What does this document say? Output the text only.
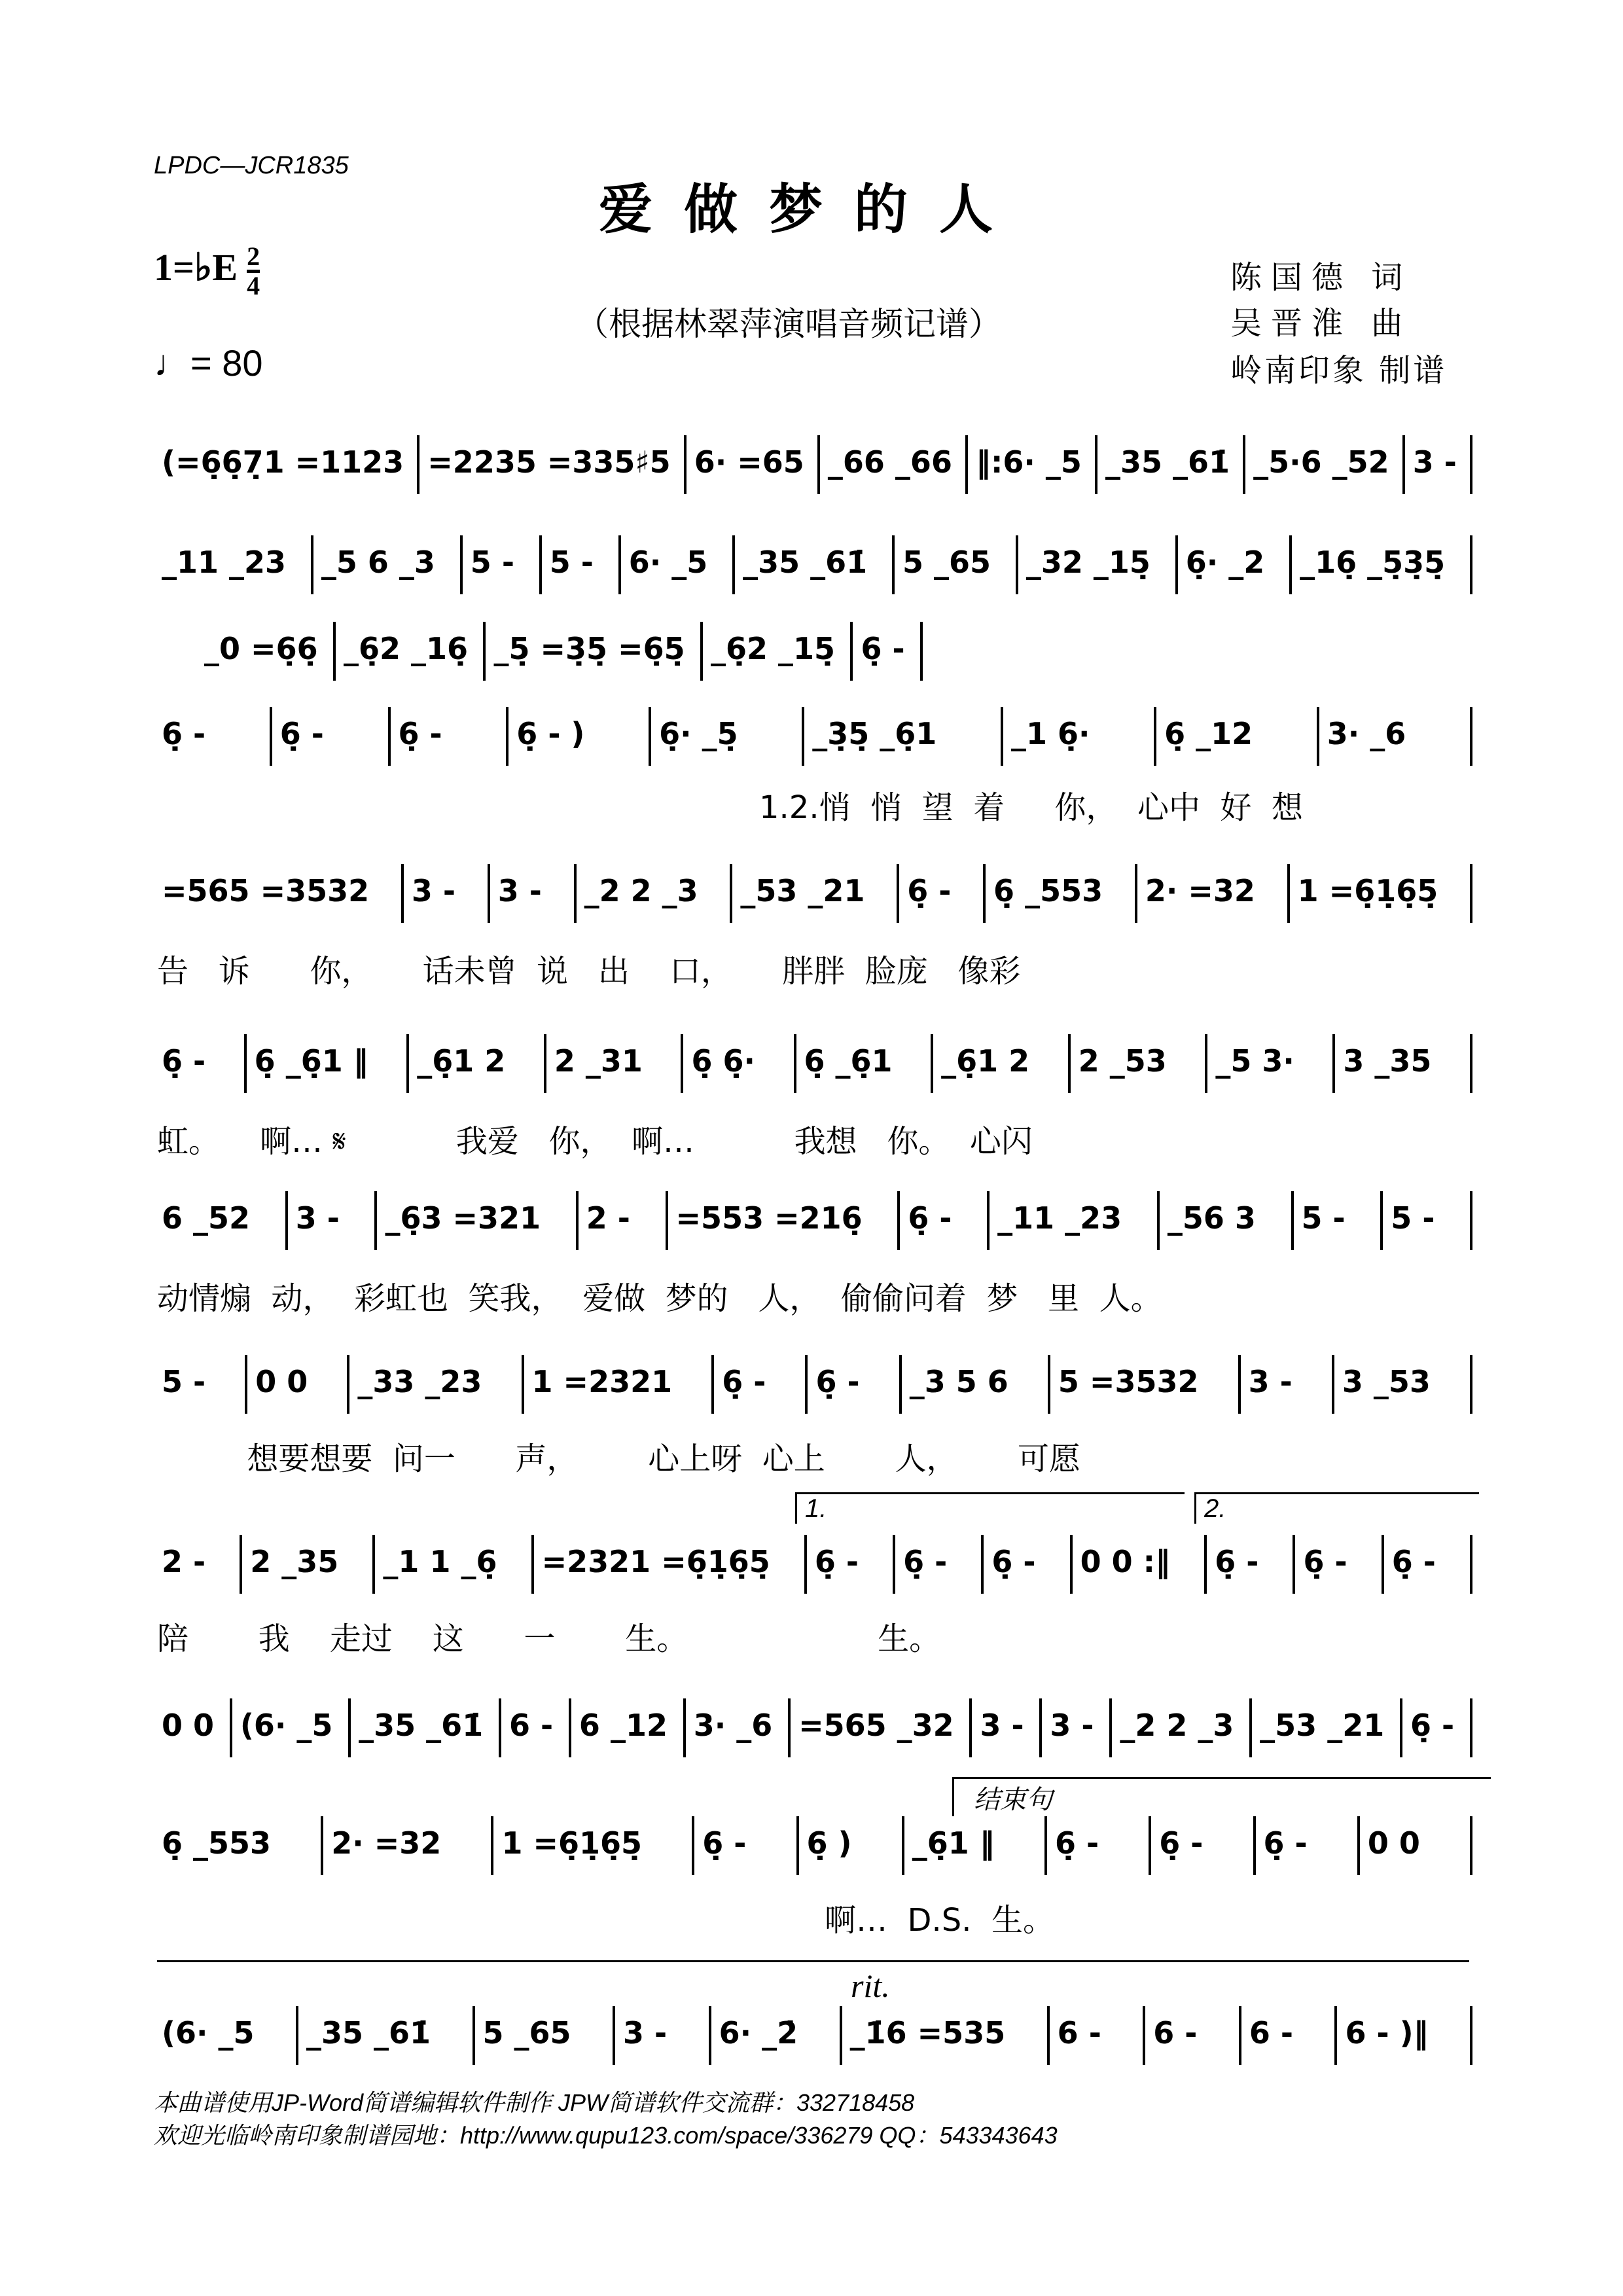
LPDC—JCR1835
爱做梦的人
1=♭E $\frac{2}{4}$
♩= 80
（根据林翠萍演唱音频记谱）
陈国德 词
吴晋淮 曲
岭南印象 制谱
(=6̣6̣7̣1 =1123 =2235 =335♯5 6· =65 _66 _66 ‖:6· _5 _35 _61̇ _5·6 _52 3 -
_11 _23	_5 6 _3	5 -	5 -	6· _5	_35 _61̇	5 _65	_32 _15̣	6̣· _2	_16̣ _5̣3̣5̣
_0 =6̣6̣ _6̣2 _16̣ _5̣ =3̣5̣ =6̣5̣ _6̣2 _15̣ 6̣ -
6̣ -	6̣ -	6̣ -	6̣ - )	6̣· _5̣	_3̣5̣ _6̣1	_1 6̣·	6̣ _12	3· _6
1.2.悄  悄  望  着     你，  心中  好  想
=565 =3532	3 -	3 -	_2 2 _3	_53 _21	6̣ -	6̣ _553	2· =32	1 =6̣1̣6̣5̣
告   诉      你，     话未曾  说   出    口，     胖胖  脸庞   像彩
6̣ -	6̣ _6̣1 ‖	_6̣1 2	2 _31	6̣ 6̣·	6̣ _6̣1	_6̣1 2	2 _53	_5 3·	3 _35
虹。    啊… 𝄋           我爱   你，  啊…          我想   你。  心闪
6 _52	3 -	_6̣3 =321	2 -	=553 =216̣	6̣ -	_11 _23	_56 3	5 -	5 -
动情煽  动，  彩虹也  笑我，  爱做  梦的   人，  偷偷问着  梦   里  人。
5 -	0 0	_33 _23	1 =2321	6̣ -	6̣ -	_3 5 6	5 =3532	3 -	3 _53
想要想要  问一      声，       心上呀  心上       人，      可愿
2 -	2 _35	_1 1 _6̣	=2321 =6̣1̣6̣5̣	6̣ -	6̣ -	6̣ -	0 0 :‖	6̣ -	6̣ -	6̣ -
陪       我    走过    这      一       生。                   生。
0 0 (6· _5 _35 _61̇ 6 - 6 _12 3· _6 =565 _32 3 - 3 - _2 2 _3 _53 _21 6̣ -
6̣ _553	2· =32	1 =6̣1̣6̣5̣	6̣ -	6̣ )	_6̣1 ‖	6̣ -	6̣ -	6̣ -	0 0
啊…  D.S.  生。
(6· _5	_35 _61̇	5 _65	3 -	6· _2̇	_1̇6 =535	6 -	6 -	6 -	6 - )‖
1.	2.
结束句
rit.
本曲谱使用JP-Word简谱编辑软件制作 JPW简谱软件交流群：332718458
欢迎光临岭南印象制谱园地：http://www.qupu123.com/space/336279 QQ：543343643
